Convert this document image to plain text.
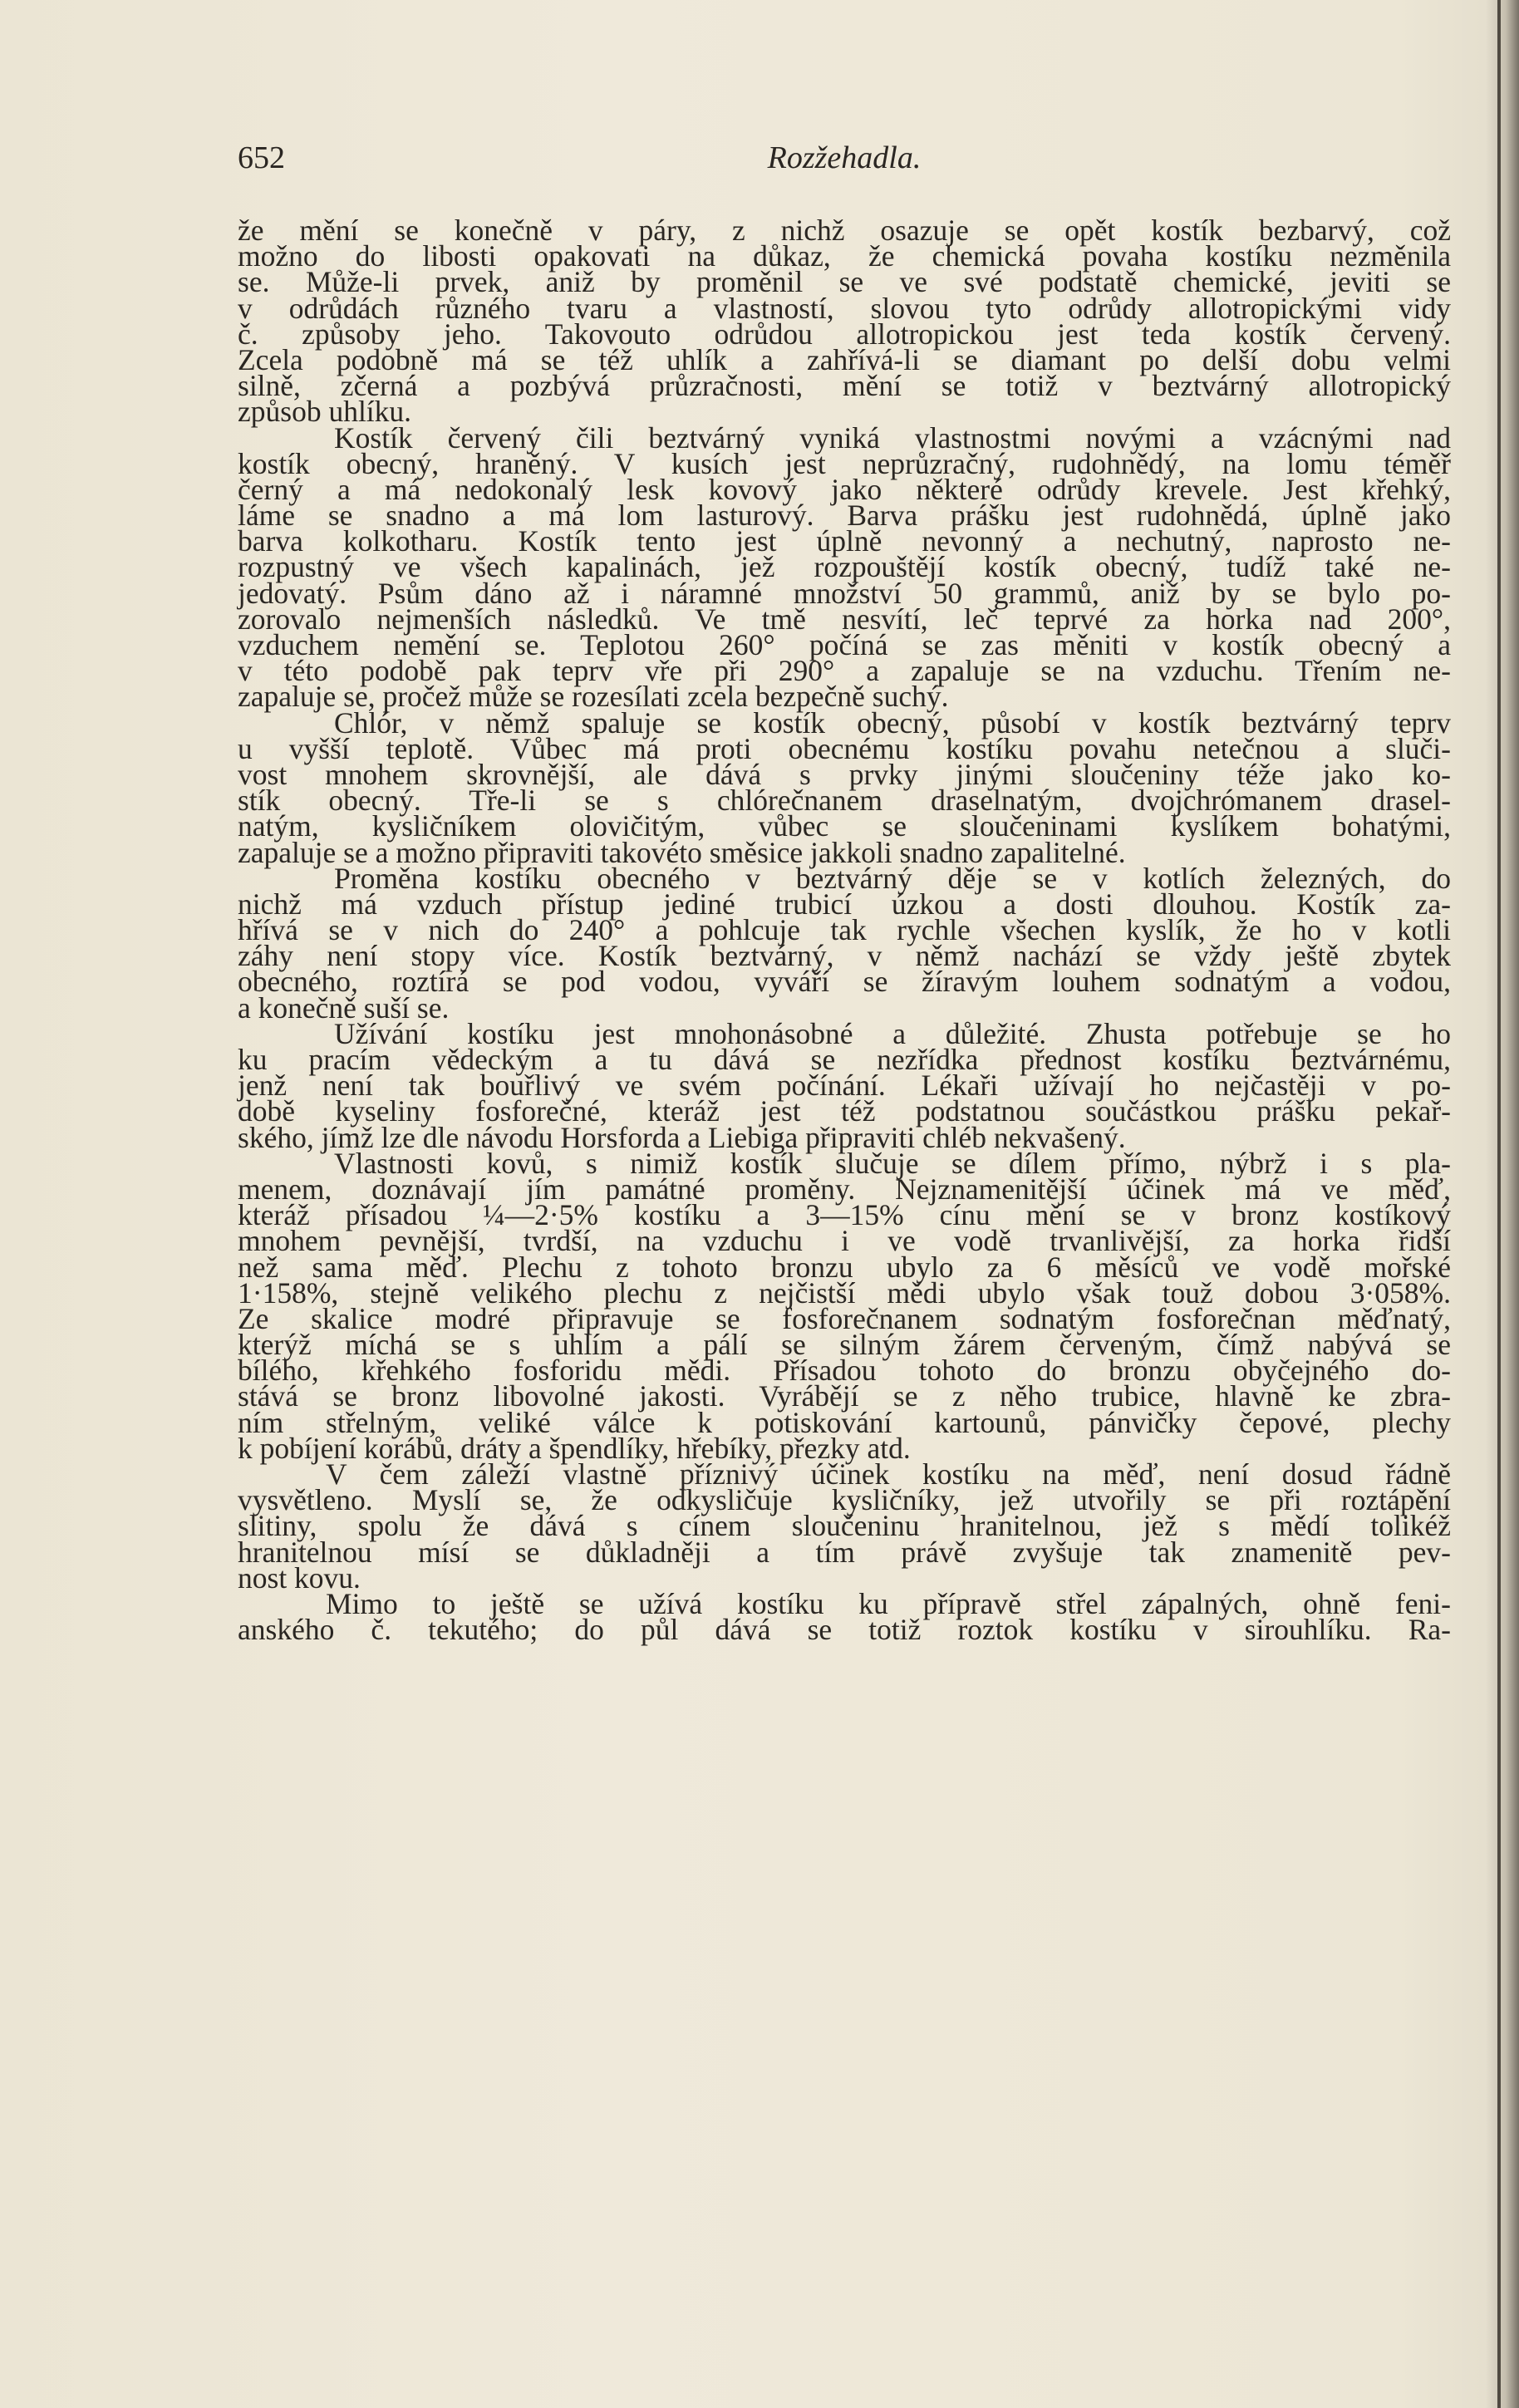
652	Rozžehadla.
že mění se konečně v páry, z nichž osazuje se opět kostík bezbarvý, což
možno do libosti opakovati na důkaz, že chemická povaha kostíku nezměnila
se. Může-li prvek, aniž by proměnil se ve své podstatě chemické, jeviti se
v odrůdách různého tvaru a vlastností, slovou tyto odrůdy allotropickými vidy
č. způsoby jeho. Takovouto odrůdou allotropickou jest teda kostík červený.
Zcela podobně má se též uhlík a zahřívá-li se diamant po delší dobu velmi
silně, zčerná a pozbývá průzračnosti, mění se totiž v beztvárný allotropický
způsob uhlíku.
Kostík červený čili beztvárný vyniká vlastnostmi novými a vzácnými nad
kostík obecný, hraněný. V kusích jest neprůzračný, rudohnědý, na lomu téměř
černý a má nedokonalý lesk kovový jako některé odrůdy krevele. Jest křehký,
láme se snadno a má lom lasturový. Barva prášku jest rudohnědá, úplně jako
barva kolkotharu. Kostík tento jest úplně nevonný a nechutný, naprosto ne-
rozpustný ve všech kapalinách, jež rozpouštějí kostík obecný, tudíž také ne-
jedovatý. Psům dáno až i náramné množství 50 grammů, aniž by se bylo po-
zorovalo nejmenších následků. Ve tmě nesvítí, leč teprvé za horka nad 200°,
vzduchem nemění se. Teplotou 260° počíná se zas měniti v kostík obecný a
v této podobě pak teprv vře při 290° a zapaluje se na vzduchu. Třením ne-
zapaluje se, pročež může se rozesílati zcela bezpečně suchý.
Chlór, v němž spaluje se kostík obecný, působí v kostík beztvárný teprv
u vyšší teplotě. Vůbec má proti obecnému kostíku povahu netečnou a sluči-
vost mnohem skrovnější, ale dává s prvky jinými sloučeniny téže jako ko-
stík obecný. Tře-li se s chlórečnanem draselnatým, dvojchrómanem drasel-
natým, kysličníkem olovičitým, vůbec se sloučeninami kyslíkem bohatými,
zapaluje se a možno připraviti takovéto směsice jakkoli snadno zapalitelné.
Proměna kostíku obecného v beztvárný děje se v kotlích železných, do
nichž má vzduch přístup jediné trubicí úzkou a dosti dlouhou. Kostík za-
hřívá se v nich do 240° a pohlcuje tak rychle všechen kyslík, že ho v kotli
záhy není stopy více. Kostík beztvárný, v němž nachází se vždy ještě zbytek
obecného, roztírá se pod vodou, vyváří se žíravým louhem sodnatým a vodou,
a konečně suší se.
Užívání kostíku jest mnohonásobné a důležité. Zhusta potřebuje se ho
ku pracím vědeckým a tu dává se nezřídka přednost kostíku beztvárnému,
jenž není tak bouřlivý ve svém počínání. Lékaři užívají ho nejčastěji v po-
době kyseliny fosforečné, kteráž jest též podstatnou součástkou prášku pekař-
ského, jímž lze dle návodu Horsforda a Liebiga připraviti chléb nekvašený.
Vlastnosti kovů, s nimiž kostík slučuje se dílem přímo, nýbrž i s pla-
menem, doznávají jím památné proměny. Nejznamenitější účinek má ve měď,
kteráž přísadou ¼—2·5% kostíku a 3—15% cínu mění se v bronz kostíkový
mnohem pevnější, tvrdší, na vzduchu i ve vodě trvanlivější, za horka řidší
než sama měď. Plechu z tohoto bronzu ubylo za 6 měsíců ve vodě mořské
1·158%, stejně velikého plechu z nejčistší mědi ubylo však touž dobou 3·058%.
Ze skalice modré připravuje se fosforečnanem sodnatým fosforečnan měďnatý,
kterýž míchá se s uhlím a pálí se silným žárem červeným, čímž nabývá se
bílého, křehkého fosforidu mědi. Přísadou tohoto do bronzu obyčejného do-
stává se bronz libovolné jakosti. Vyrábějí se z něho trubice, hlavně ke zbra-
ním střelným, veliké válce k potiskování kartounů, pánvičky čepové, plechy
k pobíjení korábů, dráty a špendlíky, hřebíky, přezky atd.
V čem záleží vlastně příznivý účinek kostíku na měď, není dosud řádně
vysvětleno. Myslí se, že odkysličuje kysličníky, jež utvořily se při roztápění
slitiny, spolu že dává s cínem sloučeninu hranitelnou, jež s mědí tolikéž
hranitelnou mísí se důkladněji a tím právě zvyšuje tak znamenitě pev-
nost kovu.
Mimo to ještě se užívá kostíku ku přípravě střel zápalných, ohně feni-
anského č. tekutého; do půl dává se totiž roztok kostíku v sirouhlíku. Ra-
